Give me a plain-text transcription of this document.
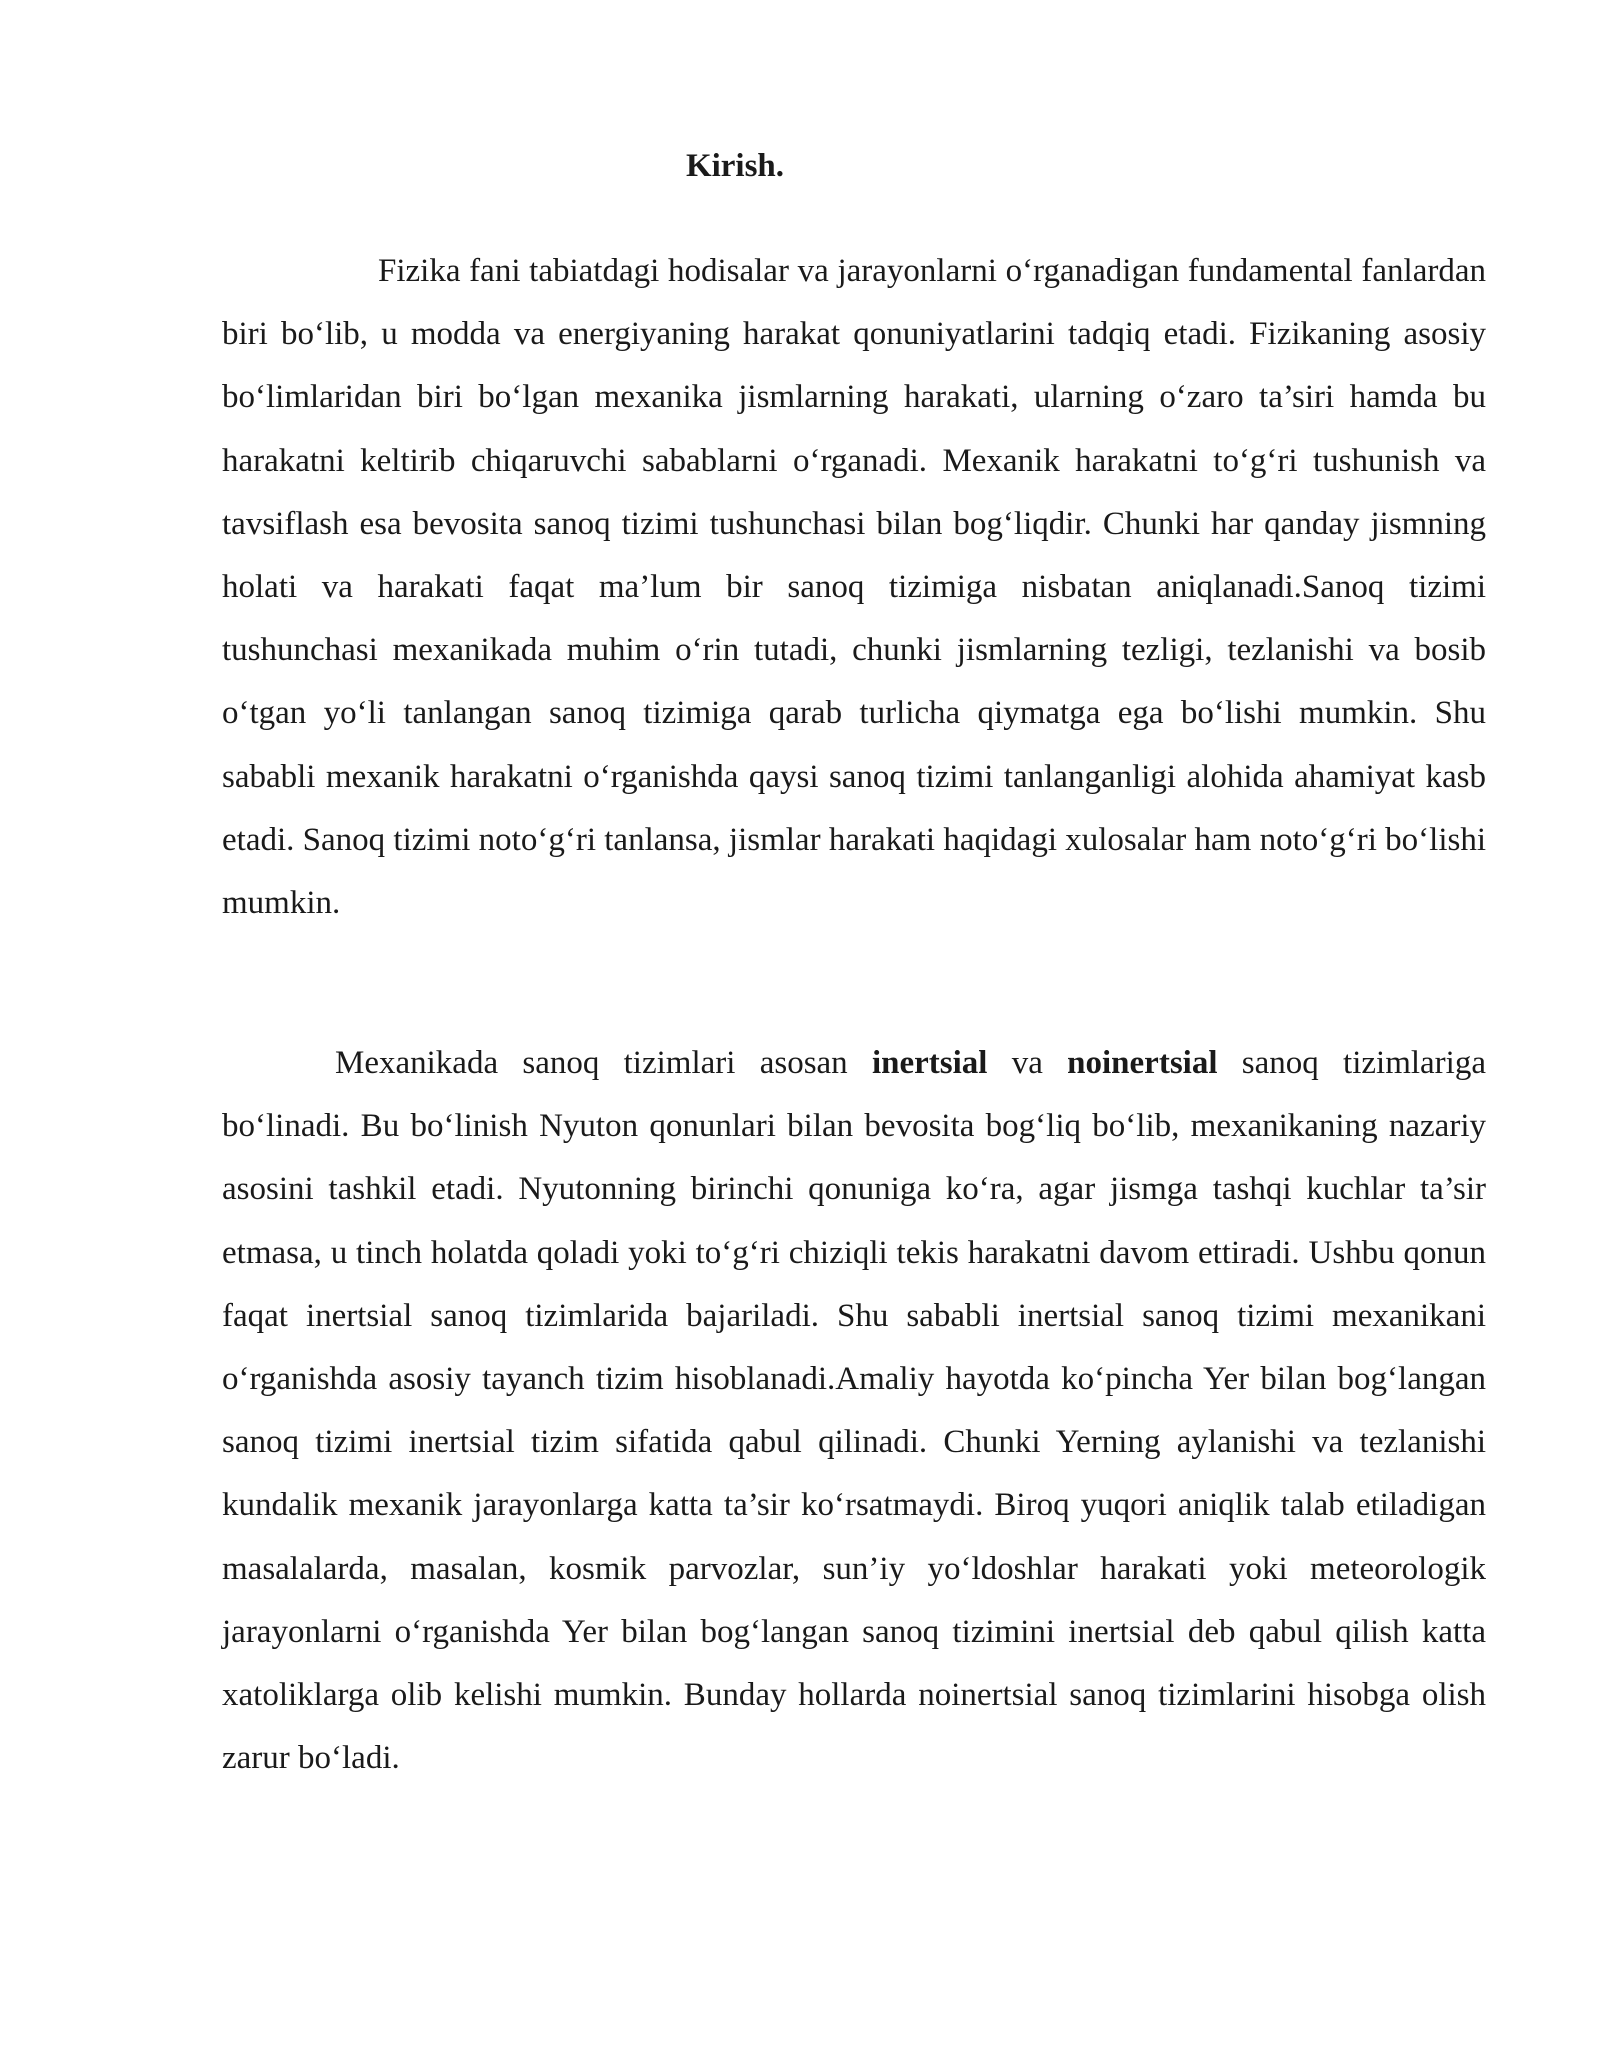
Kirish.

Fizika fani tabiatdagi hodisalar va jarayonlarni o‘rganadigan fundamental fanlardan biri bo‘lib, u modda va energiyaning harakat qonuniyatlarini tadqiq etadi. Fizikaning asosiy bo‘limlaridan biri bo‘lgan mexanika jismlarning harakati, ularning o‘zaro ta’siri hamda bu harakatni keltirib chiqaruvchi sabablarni o‘rganadi. Mexanik harakatni to‘g‘ri tushunish va tavsiflash esa bevosita sanoq tizimi tushunchasi bilan bog‘liqdir. Chunki har qanday jismning holati va harakati faqat ma’lum bir sanoq tizimiga nisbatan aniqlanadi.Sanoq tizimi tushunchasi mexanikada muhim o‘rin tutadi, chunki jismlarning tezligi, tezlanishi va bosib o‘tgan yo‘li tanlangan sanoq tizimiga qarab turlicha qiymatga ega bo‘lishi mumkin. Shu sababli mexanik harakatni o‘rganishda qaysi sanoq tizimi tanlanganligi alohida ahamiyat kasb etadi. Sanoq tizimi noto‘g‘ri tanlansa, jismlar harakati haqidagi xulosalar ham noto‘g‘ri bo‘lishi mumkin.

Mexanikada sanoq tizimlari asosan inertsial va noinertsial sanoq tizimlariga bo‘linadi. Bu bo‘linish Nyuton qonunlari bilan bevosita bog‘liq bo‘lib, mexanikaning nazariy asosini tashkil etadi. Nyutonning birinchi qonuniga ko‘ra, agar jismga tashqi kuchlar ta’sir etmasa, u tinch holatda qoladi yoki to‘g‘ri chiziqli tekis harakatni davom ettiradi. Ushbu qonun faqat inertsial sanoq tizimlarida bajariladi. Shu sababli inertsial sanoq tizimi mexanikani o‘rganishda asosiy tayanch tizim hisoblanadi.Amaliy hayotda ko‘pincha Yer bilan bog‘langan sanoq tizimi inertsial tizim sifatida qabul qilinadi. Chunki Yerning aylanishi va tezlanishi kundalik mexanik jarayonlarga katta ta’sir ko‘rsatmaydi. Biroq yuqori aniqlik talab etiladigan masalalarda, masalan, kosmik parvozlar, sun’iy yo‘ldoshlar harakati yoki meteorologik jarayonlarni o‘rganishda Yer bilan bog‘langan sanoq tizimini inertsial deb qabul qilish katta xatoliklarga olib kelishi mumkin. Bunday hollarda noinertsial sanoq tizimlarini hisobga olish zarur bo‘ladi.
